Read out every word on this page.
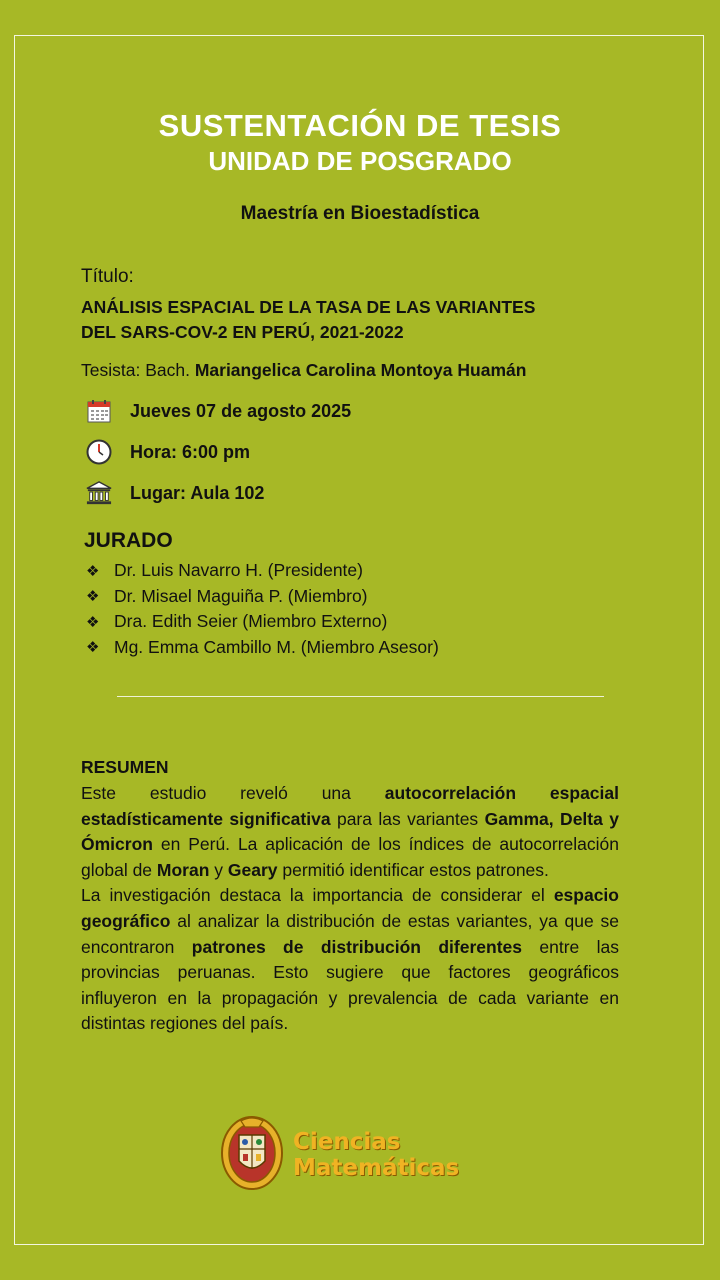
SUSTENTACIÓN DE TESIS
UNIDAD DE POSGRADO
Maestría en Bioestadística
Título:
ANÁLISIS ESPACIAL DE LA TASA DE LAS VARIANTES
DEL SARS-COV-2 EN PERÚ, 2021-2022
Tesista: Bach. Mariangelica Carolina Montoya Huamán
Jueves 07 de agosto 2025
Hora: 6:00 pm
Lugar: Aula 102
JURADO
❖ Dr. Luis Navarro H. (Presidente)
❖ Dr. Misael Maguiña P. (Miembro)
❖ Dra. Edith Seier (Miembro Externo)
❖ Mg. Emma Cambillo M. (Miembro Asesor)
RESUMEN

Este estudio reveló una autocorrelación espacial estadísticamente significativa para las variantes Gamma, Delta y Ómicron en Perú. La aplicación de los índices de autocorrelación global de Moran y Geary permitió identificar estos patrones.

La investigación destaca la importancia de considerar el espacio geográfico al analizar la distribución de estas variantes, ya que se encontraron patrones de distribución diferentes entre las provincias peruanas. Esto sugiere que factores geográficos influyeron en la propagación y prevalencia de cada variante en distintas regiones del país.

Ciencias
Matemáticas
